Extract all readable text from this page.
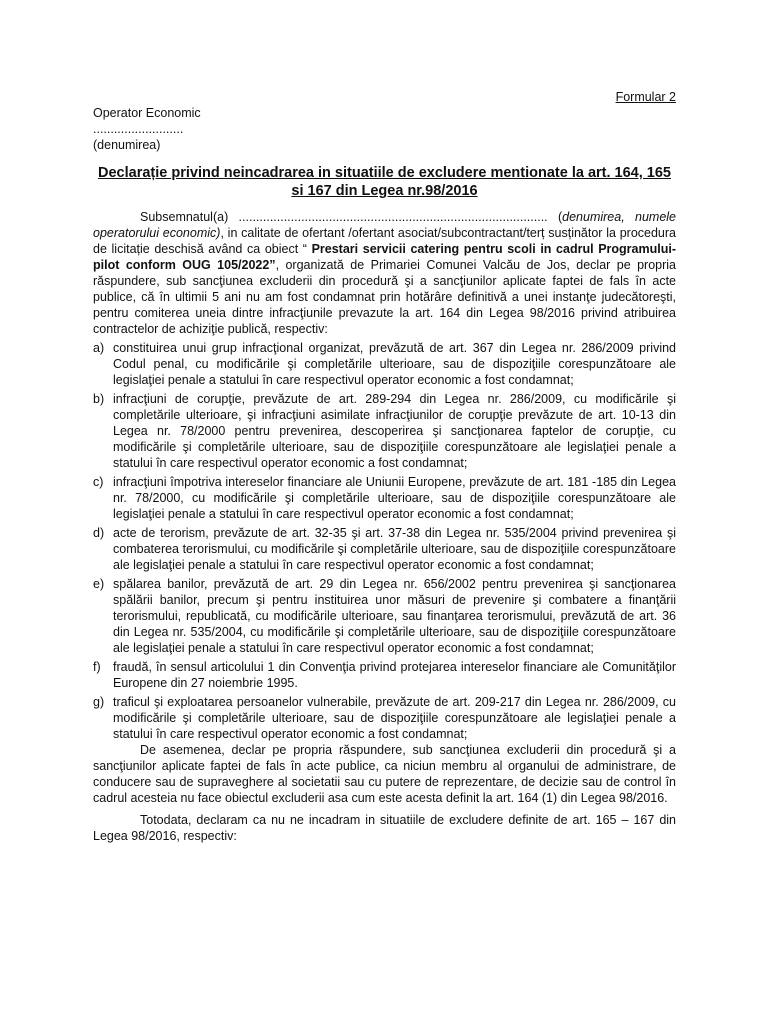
Formular 2

Operator Economic

..........................

(denumirea)

Declarație privind neincadrarea in situatiile de excludere mentionate la art. 164, 165 si 167 din Legea nr.98/2016

Subsemnatul(a) ......................................................................................... (denumirea, numele operatorului economic), in calitate de ofertant /ofertant asociat/subcontractant/terț susținător la procedura de licitație deschisă având ca obiect “ Prestari servicii catering pentru scoli in cadrul Programului-pilot conform OUG 105/2022”, organizată de Primariei Comunei Valcău de Jos, declar pe propria răspundere, sub sancţiunea excluderii din procedură şi a sancţiunilor aplicate faptei de fals în acte publice, că în ultimii 5 ani nu am fost condamnat prin hotărâre definitivă a unei instanţe judecătoreşti, pentru comiterea uneia dintre infracţiunile prevazute la art. 164 din Legea 98/2016 privind atribuirea contractelor de achiziţie publică, respectiv:

a) constituirea unui grup infracţional organizat, prevăzută de art. 367 din Legea nr. 286/2009 privind Codul penal, cu modificările şi completările ulterioare, sau de dispoziţiile corespunzătoare ale legislaţiei penale a statului în care respectivul operator economic a fost condamnat;
b) infracţiuni de corupţie, prevăzute de art. 289-294 din Legea nr. 286/2009, cu modificările şi completările ulterioare, şi infracţiuni asimilate infracţiunilor de corupţie prevăzute de art. 10-13 din Legea nr. 78/2000 pentru prevenirea, descoperirea şi sancţionarea faptelor de corupţie, cu modificările şi completările ulterioare, sau de dispoziţiile corespunzătoare ale legislaţiei penale a statului în care respectivul operator economic a fost condamnat;
c) infracţiuni împotriva intereselor financiare ale Uniunii Europene, prevăzute de art. 181 -185 din Legea nr. 78/2000, cu modificările şi completările ulterioare, sau de dispoziţiile corespunzătoare ale legislaţiei penale a statului în care respectivul operator economic a fost condamnat;
d) acte de terorism, prevăzute de art. 32-35 şi art. 37-38 din Legea nr. 535/2004 privind prevenirea şi combaterea terorismului, cu modificările şi completările ulterioare, sau de dispoziţiile corespunzătoare ale legislaţiei penale a statului în care respectivul operator economic a fost condamnat;
e) spălarea banilor, prevăzută de art. 29 din Legea nr. 656/2002 pentru prevenirea şi sancţionarea spălării banilor, precum şi pentru instituirea unor măsuri de prevenire şi combatere a finanţării terorismului, republicată, cu modificările ulterioare, sau finanţarea terorismului, prevăzută de art. 36 din Legea nr. 535/2004, cu modificările şi completările ulterioare, sau de dispoziţiile corespunzătoare ale legislaţiei penale a statului în care respectivul operator economic a fost condamnat;
f) fraudă, în sensul articolului 1 din Convenţia privind protejarea intereselor financiare ale Comunităţilor Europene din 27 noiembrie 1995.
g) traficul şi exploatarea persoanelor vulnerabile, prevăzute de art. 209-217 din Legea nr. 286/2009, cu modificările şi completările ulterioare, sau de dispoziţiile corespunzătoare ale legislaţiei penale a statului în care respectivul operator economic a fost condamnat;

De asemenea, declar pe propria răspundere, sub sancţiunea excluderii din procedură şi a sancţiunilor aplicate faptei de fals în acte publice, ca niciun membru al organului de administrare, de conducere sau de supraveghere al societatii sau cu putere de reprezentare, de decizie sau de control în cadrul acesteia nu face obiectul excluderii asa cum este acesta definit la art. 164 (1) din Legea 98/2016.

Totodata, declaram ca nu ne incadram in situatiile de excludere definite de art. 165 – 167 din Legea 98/2016, respectiv:
